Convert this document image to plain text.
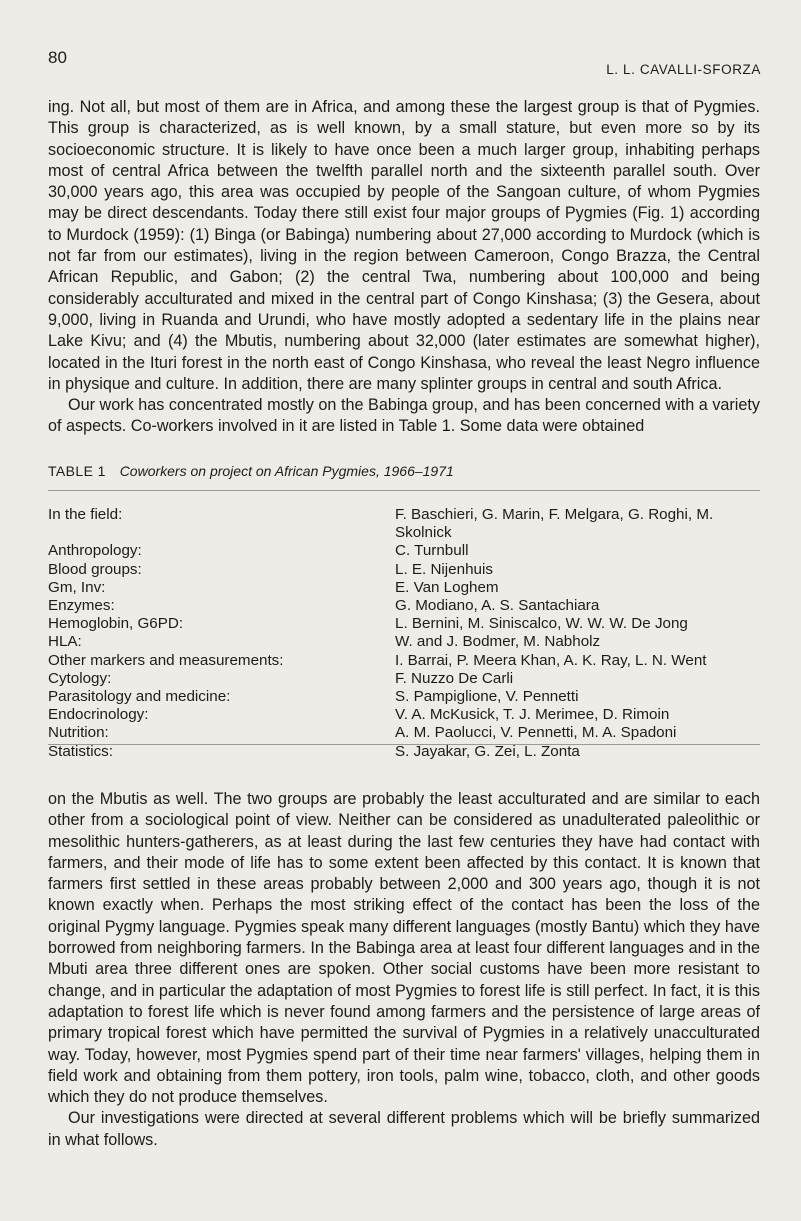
80
L. L. CAVALLI-SFORZA

ing. Not all, but most of them are in Africa, and among these the largest group is that of Pygmies. This group is characterized, as is well known, by a small stature, but even more so by its socioeconomic structure. It is likely to have once been a much larger group, inhabiting perhaps most of central Africa between the twelfth parallel north and the sixteenth parallel south. Over 30,000 years ago, this area was occupied by people of the Sangoan culture, of whom Pygmies may be direct descendants. Today there still exist four major groups of Pygmies (Fig. 1) according to Murdock (1959): (1) Binga (or Babinga) numbering about 27,000 according to Murdock (which is not far from our estimates), living in the region between Cameroon, Congo Brazza, the Central African Republic, and Gabon; (2) the central Twa, numbering about 100,000 and being considerably acculturated and mixed in the central part of Congo Kinshasa; (3) the Gesera, about 9,000, living in Ruanda and Urundi, who have mostly adopted a sedentary life in the plains near Lake Kivu; and (4) the Mbutis, numbering about 32,000 (later estimates are somewhat higher), located in the Ituri forest in the north east of Congo Kinshasa, who reveal the least Negro influence in physique and culture. In addition, there are many splinter groups in central and south Africa.

Our work has concentrated mostly on the Babinga group, and has been concerned with a variety of aspects. Co-workers involved in it are listed in Table 1. Some data were obtained

TABLE 1 Coworkers on project on African Pygmies, 1966–1971
In the field:	F. Baschieri, G. Marin, F. Melgara, G. Roghi, M. Skolnick
Anthropology:	C. Turnbull
Blood groups:	L. E. Nijenhuis
Gm, Inv:	E. Van Loghem
Enzymes:	G. Modiano, A. S. Santachiara
Hemoglobin, G6PD:	L. Bernini, M. Siniscalco, W. W. W. De Jong
HLA:	W. and J. Bodmer, M. Nabholz
Other markers and measurements:	I. Barrai, P. Meera Khan, A. K. Ray, L. N. Went
Cytology:	F. Nuzzo De Carli
Parasitology and medicine:	S. Pampiglione, V. Pennetti
Endocrinology:	V. A. McKusick, T. J. Merimee, D. Rimoin
Nutrition:	A. M. Paolucci, V. Pennetti, M. A. Spadoni
Statistics:	S. Jayakar, G. Zei, L. Zonta

on the Mbutis as well. The two groups are probably the least acculturated and are similar to each other from a sociological point of view. Neither can be considered as unadulterated paleolithic or mesolithic hunters-gatherers, as at least during the last few centuries they have had contact with farmers, and their mode of life has to some extent been affected by this contact. It is known that farmers first settled in these areas probably between 2,000 and 300 years ago, though it is not known exactly when. Perhaps the most striking effect of the contact has been the loss of the original Pygmy language. Pygmies speak many different languages (mostly Bantu) which they have borrowed from neighboring farmers. In the Babinga area at least four different languages and in the Mbuti area three different ones are spoken. Other social customs have been more resistant to change, and in particular the adaptation of most Pygmies to forest life is still perfect. In fact, it is this adaptation to forest life which is never found among farmers and the persistence of large areas of primary tropical forest which have permitted the survival of Pygmies in a relatively unacculturated way. Today, however, most Pygmies spend part of their time near farmers' villages, helping them in field work and obtaining from them pottery, iron tools, palm wine, tobacco, cloth, and other goods which they do not produce themselves.

Our investigations were directed at several different problems which will be briefly summarized in what follows.
